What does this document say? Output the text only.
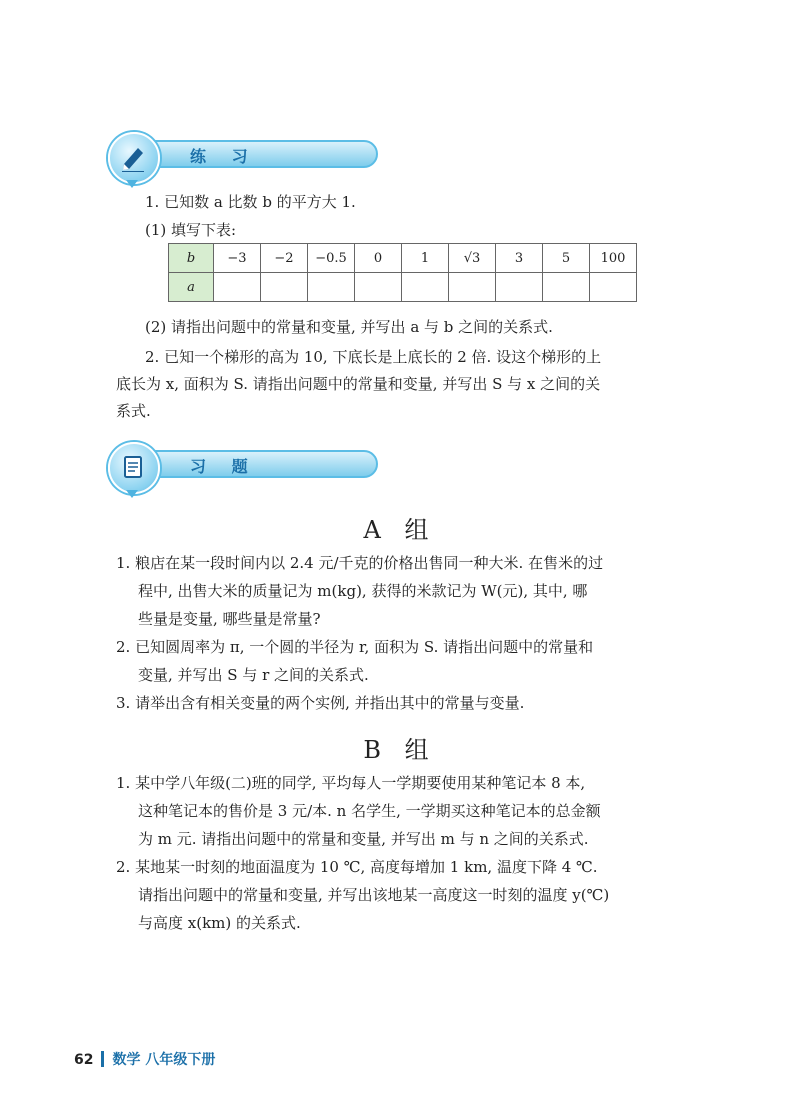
练 习

1. 已知数 a 比数 b 的平方大 1.

(1) 填写下表:

b	−3	−2	−0.5	0	1	√3	3	5	100
a									

(2) 请指出问题中的常量和变量, 并写出 a 与 b 之间的关系式.

2. 已知一个梯形的高为 10, 下底长是上底长的 2 倍. 设这个梯形的上

底长为 x, 面积为 S. 请指出问题中的常量和变量, 并写出 S 与 x 之间的关

系式.

习 题
A 组

1. 粮店在某一段时间内以 2.4 元/千克的价格出售同一种大米. 在售米的过

程中, 出售大米的质量记为 m(kg), 获得的米款记为 W(元), 其中, 哪

些量是变量, 哪些量是常量?

2. 已知圆周率为 π, 一个圆的半径为 r, 面积为 S. 请指出问题中的常量和

变量, 并写出 S 与 r 之间的关系式.

3. 请举出含有相关变量的两个实例, 并指出其中的常量与变量.

B 组

1. 某中学八年级(二)班的同学, 平均每人一学期要使用某种笔记本 8 本,

这种笔记本的售价是 3 元/本. n 名学生, 一学期买这种笔记本的总金额

为 m 元. 请指出问题中的常量和变量, 并写出 m 与 n 之间的关系式.

2. 某地某一时刻的地面温度为 10 ℃, 高度每增加 1 km, 温度下降 4 ℃.

请指出问题中的常量和变量, 并写出该地某一高度这一时刻的温度 y(℃)

与高度 x(km) 的关系式.

62 数学 八年级下册
